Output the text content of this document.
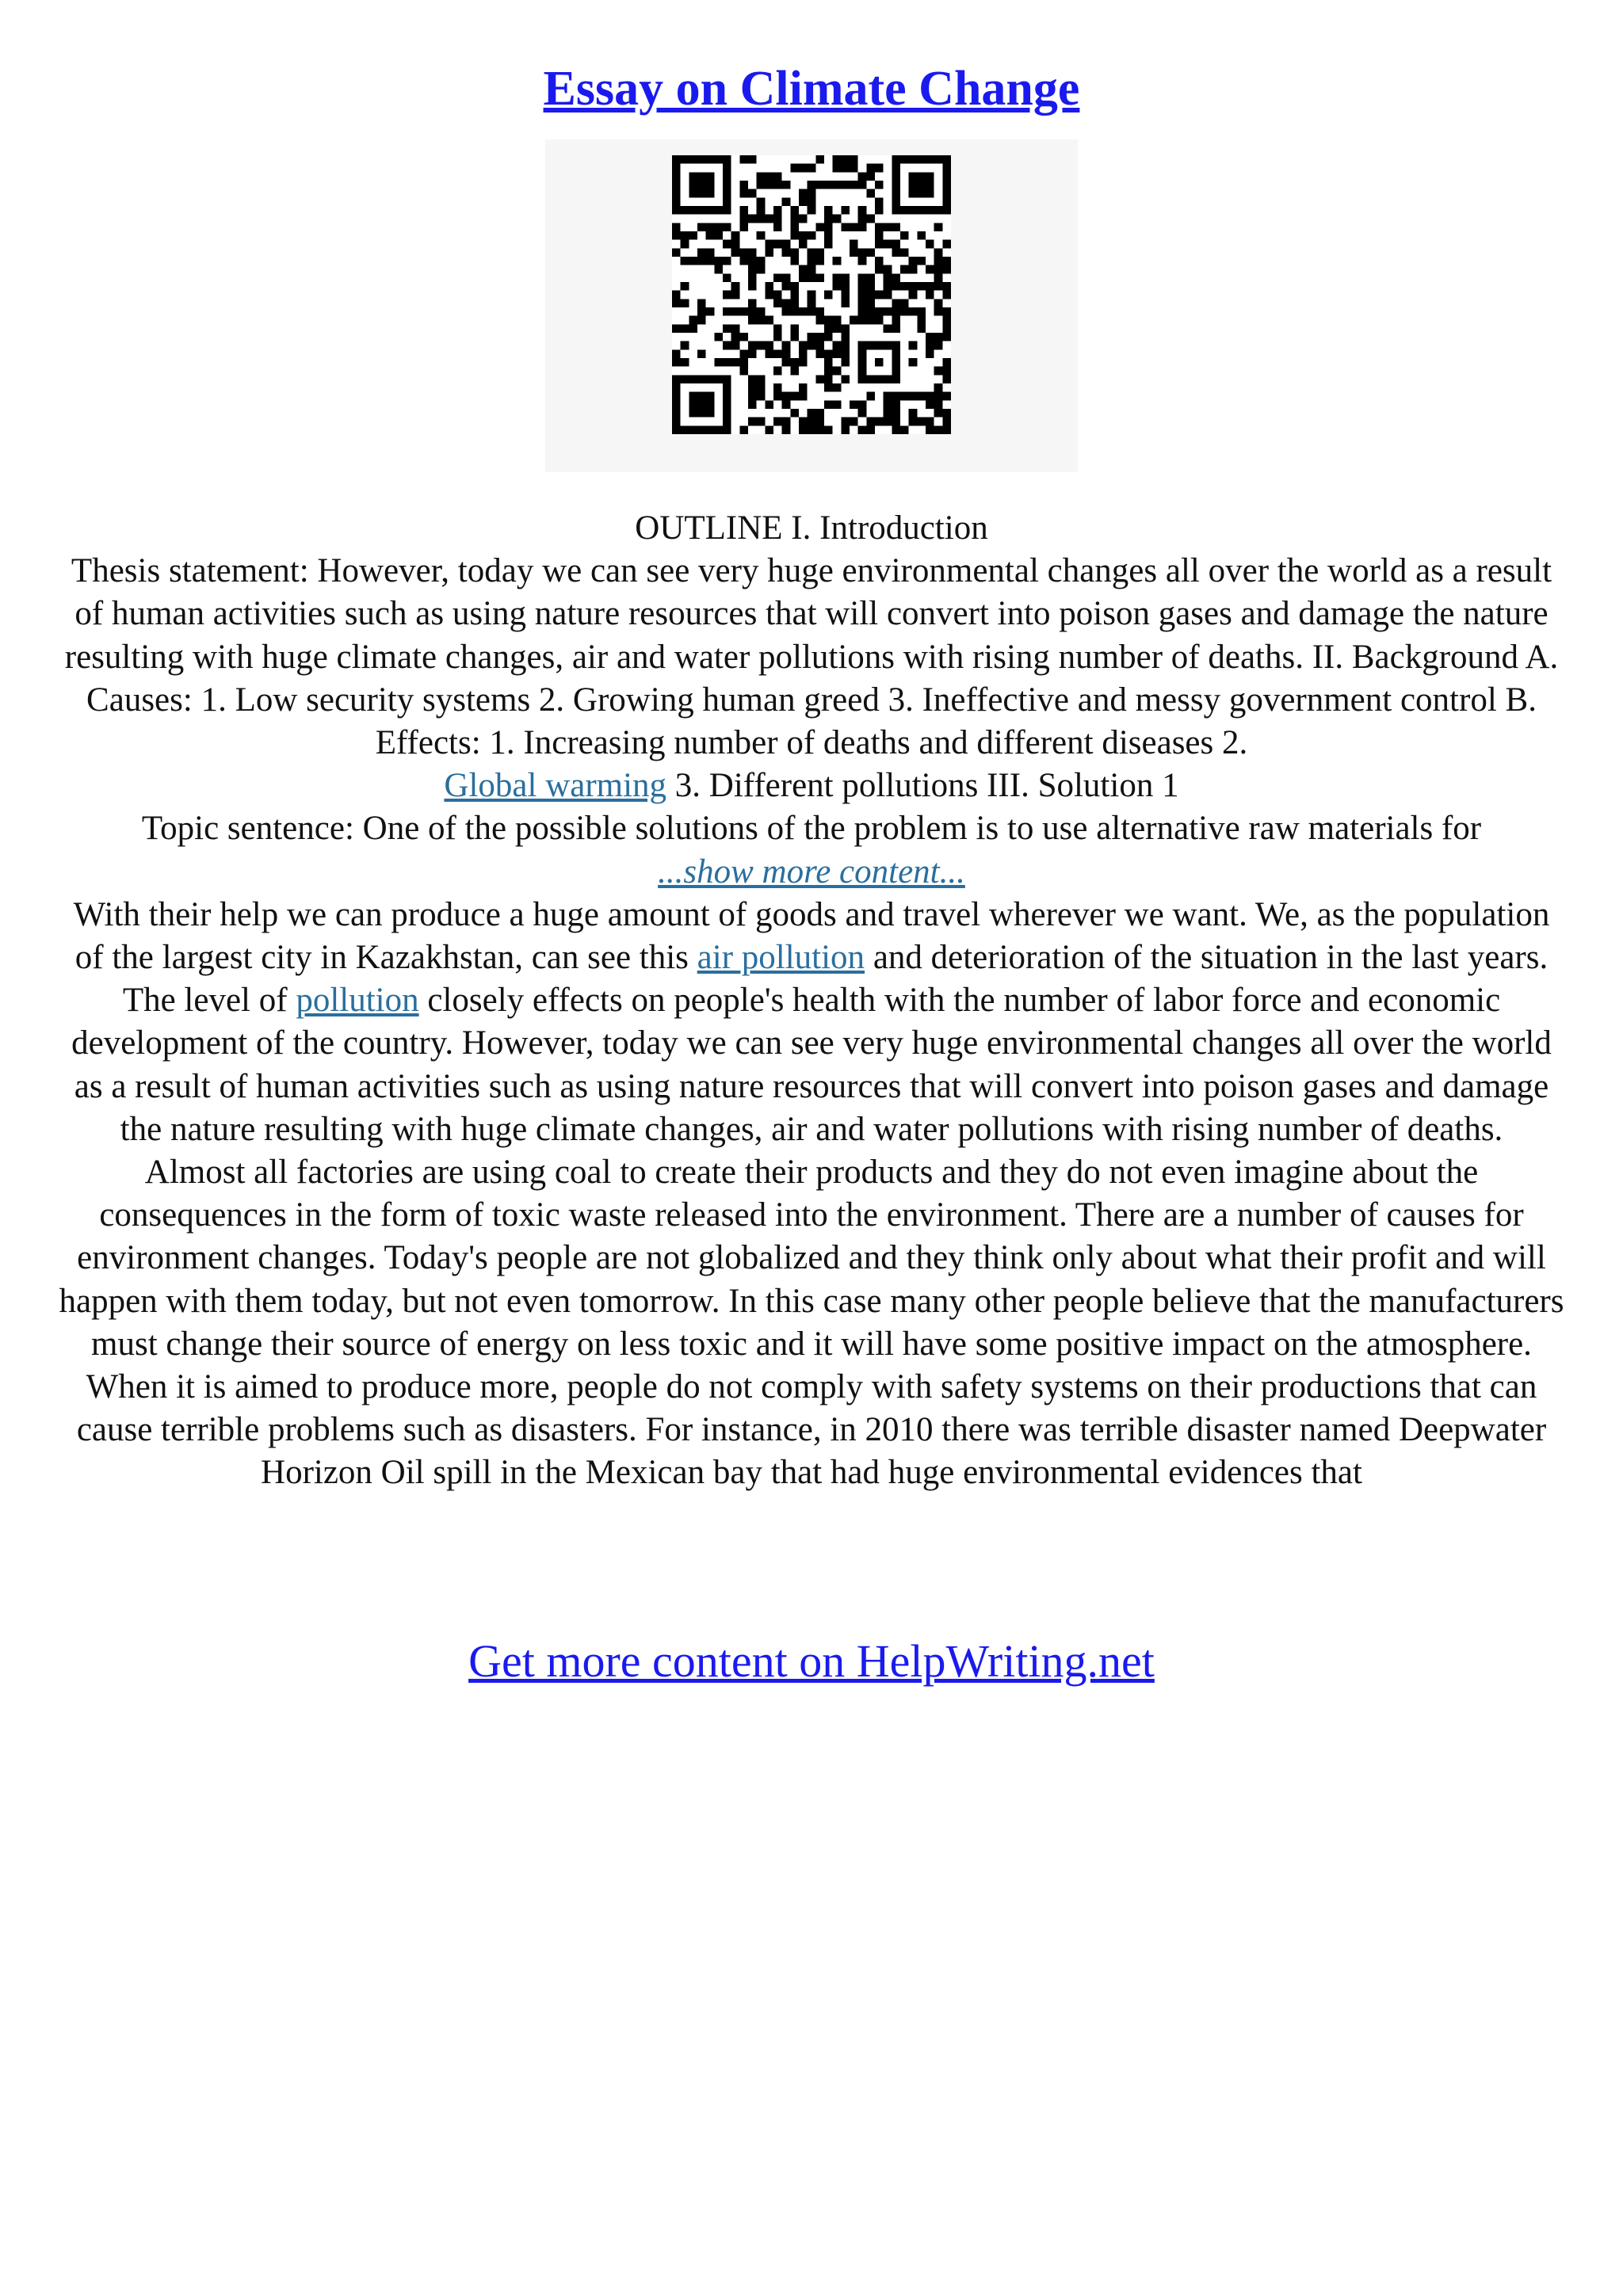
Essay on Climate Change

OUTLINE I. Introduction

Thesis statement: However, today we can see very huge environmental changes all over the world as a result of human activities such as using nature resources that will convert into poison gases and damage the nature resulting with huge climate changes, air and water pollutions with rising number of deaths. II. Background A. Causes: 1. Low security systems 2. Growing human greed 3. Ineffective and messy government control B. Effects: 1. Increasing number of deaths and different diseases 2.
Global warming 3. Different pollutions III. Solution 1

Topic sentence: One of the possible solutions of the problem is to use alternative raw materials for

...show more content...

With their help we can produce a huge amount of goods and travel wherever we want. We, as the population of the largest city in Kazakhstan, can see this air pollution and deterioration of the situation in the last years. The level of pollution closely effects on people's health with the number of labor force and economic development of the country. However, today we can see very huge environmental changes all over the world as a result of human activities such as using nature resources that will convert into poison gases and damage the nature resulting with huge climate changes, air and water pollutions with rising number of deaths.

Almost all factories are using coal to create their products and they do not even imagine about the consequences in the form of toxic waste released into the environment. There are a number of causes for environment changes. Today's people are not globalized and they think only about what their profit and will happen with them today, but not even tomorrow. In this case many other people believe that the manufacturers must change their source of energy on less toxic and it will have some positive impact on the atmosphere. When it is aimed to produce more, people do not comply with safety systems on their productions that can cause terrible problems such as disasters. For instance, in 2010 there was terrible disaster named Deepwater Horizon Oil spill in the Mexican bay that had huge environmental evidences that

Get more content on HelpWriting.net
